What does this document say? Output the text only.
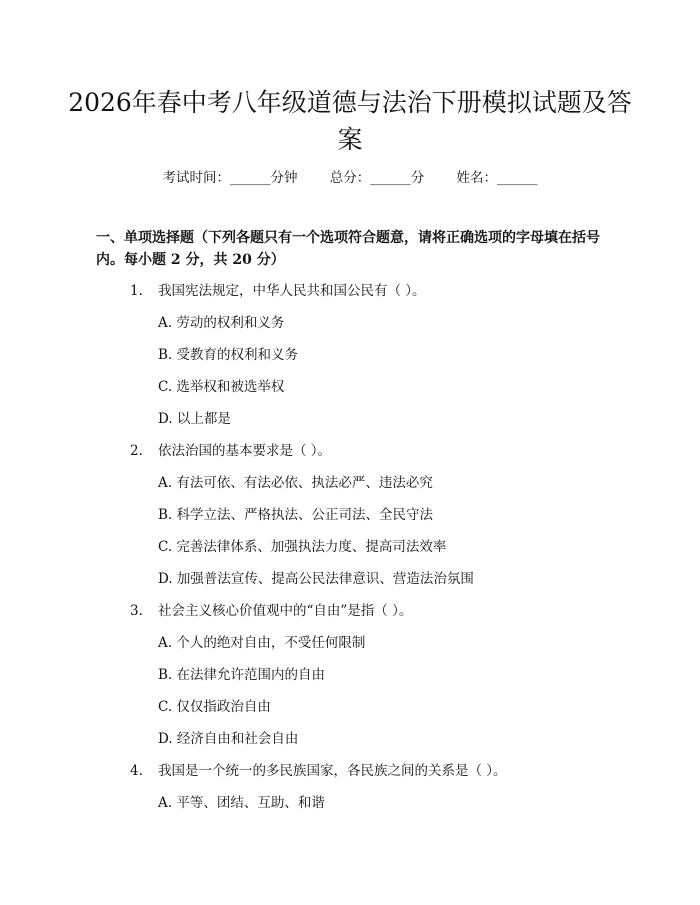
2026年春中考八年级道德与法治下册模拟试题及答案
考试时间：______分钟 总分：______分 姓名：______
一、单项选择题（下列各题只有一个选项符合题意，请将正确选项的字母填在括号内。每小题 2 分，共 20 分）
1. 我国宪法规定，中华人民共和国公民有（ ）。
A. 劳动的权利和义务
B. 受教育的权利和义务
C. 选举权和被选举权
D. 以上都是
2. 依法治国的基本要求是（ ）。
A. 有法可依、有法必依、执法必严、违法必究
B. 科学立法、严格执法、公正司法、全民守法
C. 完善法律体系、加强执法力度、提高司法效率
D. 加强普法宣传、提高公民法律意识、营造法治氛围
3. 社会主义核心价值观中的“自由”是指（ ）。
A. 个人的绝对自由，不受任何限制
B. 在法律允许范围内的自由
C. 仅仅指政治自由
D. 经济自由和社会自由
4. 我国是一个统一的多民族国家，各民族之间的关系是（ ）。
A. 平等、团结、互助、和谐
